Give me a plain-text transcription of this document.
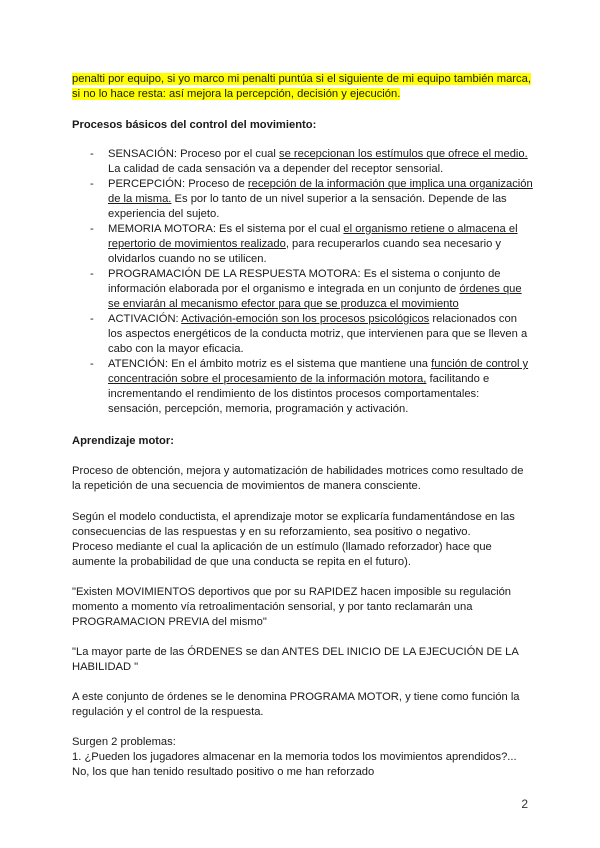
penalti por equipo, si yo marco mi penalti puntúa si el siguiente de mi equipo también marca,

si no lo hace resta: así mejora la percepción, decisión y ejecución.

Procesos básicos del control del movimiento:

- SENSACIÓN: Proceso por el cual se recepcionan los estímulos que ofrece el medio. La calidad de cada sensación va a depender del receptor sensorial.
- PERCEPCIÓN: Proceso de recepción de la información que implica una organización de la misma. Es por lo tanto de un nivel superior a la sensación. Depende de las experiencia del sujeto.
- MEMORIA MOTORA: Es el sistema por el cual el organismo retiene o almacena el repertorio de movimientos realizado, para recuperarlos cuando sea necesario y olvidarlos cuando no se utilicen.
- PROGRAMACIÓN DE LA RESPUESTA MOTORA: Es el sistema o conjunto de información elaborada por el organismo e integrada en un conjunto de órdenes que se enviarán al mecanismo efector para que se produzca el movimiento
- ACTIVACIÓN: Activación-emoción son los procesos psicológicos relacionados con los aspectos energéticos de la conducta motriz, que intervienen para que se lleven a cabo con la mayor eficacia.
- ATENCIÓN: En el ámbito motriz es el sistema que mantiene una función de control y concentración sobre el procesamiento de la información motora, facilitando e incrementando el rendimiento de los distintos procesos comportamentales: sensación, percepción, memoria, programación y activación.

Aprendizaje motor:

Proceso de obtención, mejora y automatización de habilidades motrices como resultado de la repetición de una secuencia de movimientos de manera consciente.

Según el modelo conductista, el aprendizaje motor se explicaría fundamentándose en las consecuencias de las respuestas y en su reforzamiento, sea positivo o negativo.

Proceso mediante el cual la aplicación de un estímulo (llamado reforzador) hace que aumente la probabilidad de que una conducta se repita en el futuro).

"Existen MOVIMIENTOS deportivos que por su RAPIDEZ hacen imposible su regulación momento a momento vía retroalimentación sensorial, y por tanto reclamarán una PROGRAMACION PREVIA del mismo"

"La mayor parte de las ÓRDENES se dan ANTES DEL INICIO DE LA EJECUCIÓN DE LA HABILIDAD "

A este conjunto de órdenes se le denomina PROGRAMA MOTOR, y tiene como función la regulación y el control de la respuesta.

Surgen 2 problemas:

1. ¿Pueden los jugadores almacenar en la memoria todos los movimientos aprendidos?...

No, los que han tenido resultado positivo o me han reforzado

2
